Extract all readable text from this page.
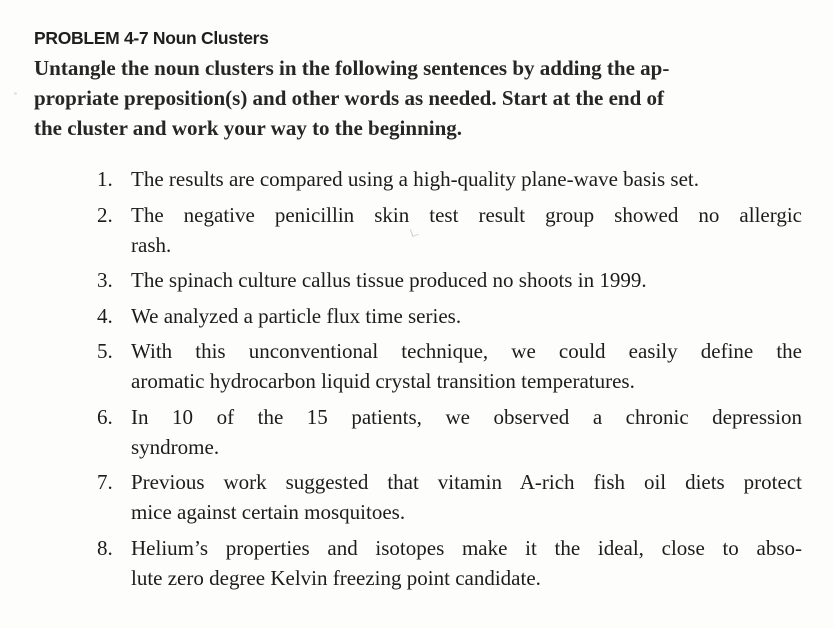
PROBLEM 4-7 Noun Clusters

Untangle the noun clusters in the following sentences by adding the ap-
propriate preposition(s) and other words as needed. Start at the end of
the cluster and work your way to the beginning.

1. The results are compared using a high-quality plane-wave basis set.
2. The negative penicillin skin test result group showed no allergic
rash.
3. The spinach culture callus tissue produced no shoots in 1999.
4. We analyzed a particle flux time series.
5. With this unconventional technique, we could easily define the
aromatic hydrocarbon liquid crystal transition temperatures.
6. In 10 of the 15 patients, we observed a chronic depression
syndrome.
7. Previous work suggested that vitamin A-rich fish oil diets protect
mice against certain mosquitoes.
8. Helium’s properties and isotopes make it the ideal, close to abso-
lute zero degree Kelvin freezing point candidate.
